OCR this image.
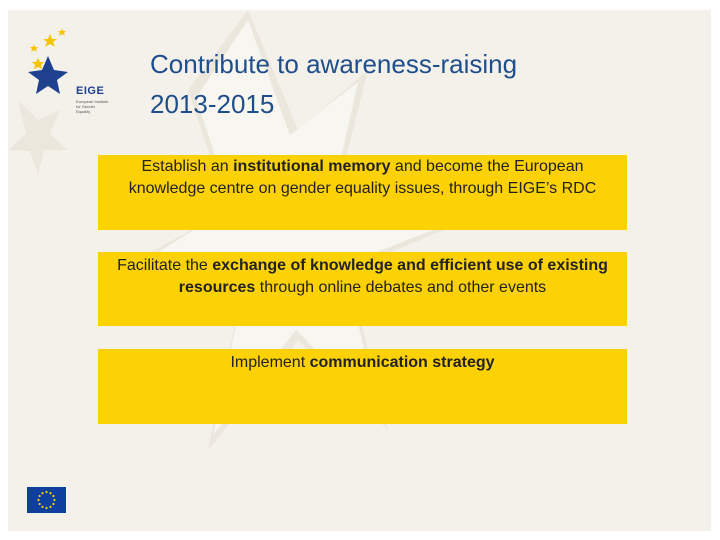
EIGE
European Institute for Gender Equality
Contribute to awareness-raising
2013-2015
Establish an institutional memory and become the European knowledge centre on gender equality issues, through EIGE’s RDC
Facilitate the exchange of knowledge and efficient use of existing resources through online debates and other events
Implement communication strategy
